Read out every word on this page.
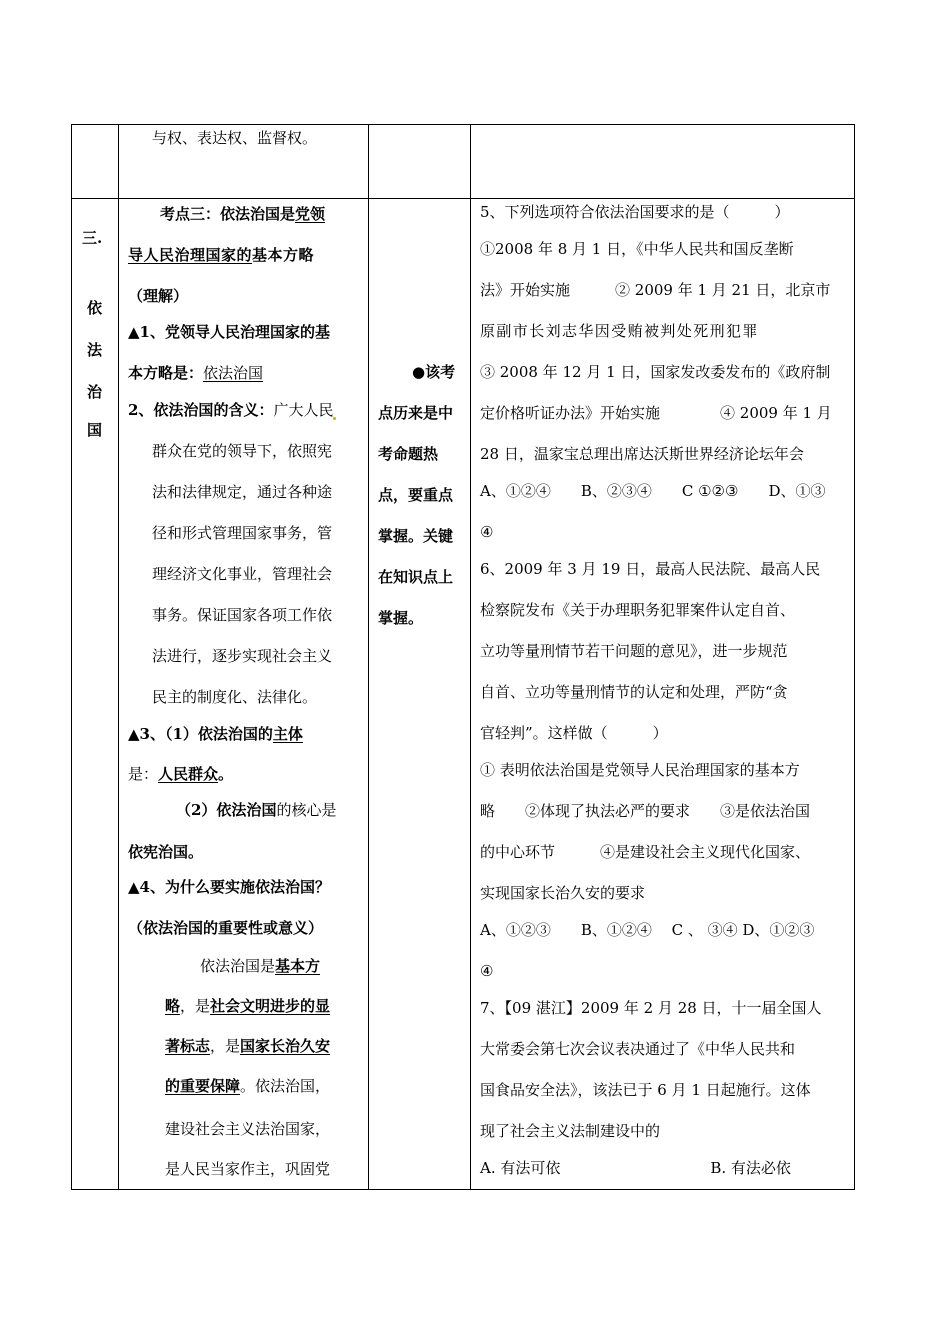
与权、表达权、监督权。
三.
依
法
治
国
考点三：依法治国是党领
导人民治理国家的基本方略
（理解）
▲1、党领导人民治理国家的基
本方略是：依法治国
2、依法治国的含义：广大人民
群众在党的领导下，依照宪
法和法律规定，通过各种途
径和形式管理国家事务，管
理经济文化事业，管理社会
事务。保证国家各项工作依
法进行，逐步实现社会主义
民主的制度化、法律化。
▲3、（1）依法治国的主体
是：人民群众。
（2）依法治国的核心是
依宪治国。
▲4、为什么要实施依法治国？
（依法治国的重要性或意义）
依法治国是基本方
略，是社会文明进步的显
著标志，是国家长治久安
的重要保障。依法治国，
建设社会主义法治国家，
是人民当家作主，巩固党
●该考
点历来是中
考命题热
点，要重点
掌握。关键
在知识点上
掌握。
5、下列选项符合依法治国要求的是（　　　）
①2008 年 8 月 1 日，《中华人民共和国反垄断
法》开始实施　　　② 2009 年 1 月 21 日，北京市
原副市长刘志华因受贿被判处死刑犯罪
③ 2008 年 12 月 1 日，国家发改委发布的《政府制
定价格听证办法》开始实施　　　　④ 2009 年 1 月
28 日，温家宝总理出席达沃斯世界经济论坛年会
A、①②④　　B、②③④　　C ①②③　　D、①③
④
6、2009 年 3 月 19 日，最高人民法院、最高人民
检察院发布《关于办理职务犯罪案件认定自首、
立功等量刑情节若干问题的意见》，进一步规范
自首、立功等量刑情节的认定和处理，严防“贪
官轻判”。这样做（　　　）
① 表明依法治国是党领导人民治理国家的基本方
略　　②体现了执法必严的要求　　③是依法治国
的中心环节　　　④是建设社会主义现代化国家、
实现国家长治久安的要求
A、①②③　　B、①②④ 　C 、 ③④ D、①②③
④
7、【09 湛江】2009 年 2 月 28 日，十一届全国人
大常委会第七次会议表决通过了《中华人民共和
国食品安全法》，该法已于 6 月 1 日起施行。这体
现了社会主义法制建设中的
A. 有法可依　　　　　　　　　　B. 有法必依
